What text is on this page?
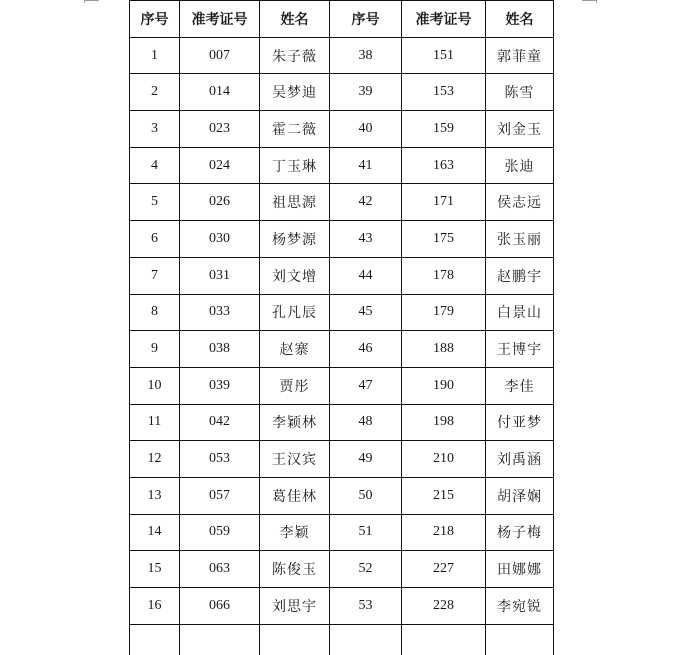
序号	准考证号	姓名	序号	准考证号	姓名
1	007	朱子薇	38	151	郭菲童
2	014	吴梦迪	39	153	陈雪
3	023	霍二薇	40	159	刘金玉
4	024	丁玉琳	41	163	张迪
5	026	祖思源	42	171	侯志远
6	030	杨梦源	43	175	张玉丽
7	031	刘文增	44	178	赵鹏宇
8	033	孔凡辰	45	179	白景山
9	038	赵寨	46	188	王博宇
10	039	贾彤	47	190	李佳
11	042	李颖林	48	198	付亚梦
12	053	王汉宾	49	210	刘禹涵
13	057	葛佳林	50	215	胡泽娴
14	059	李颖	51	218	杨子梅
15	063	陈俊玉	52	227	田娜娜
16	066	刘思宇	53	228	李宛锐
